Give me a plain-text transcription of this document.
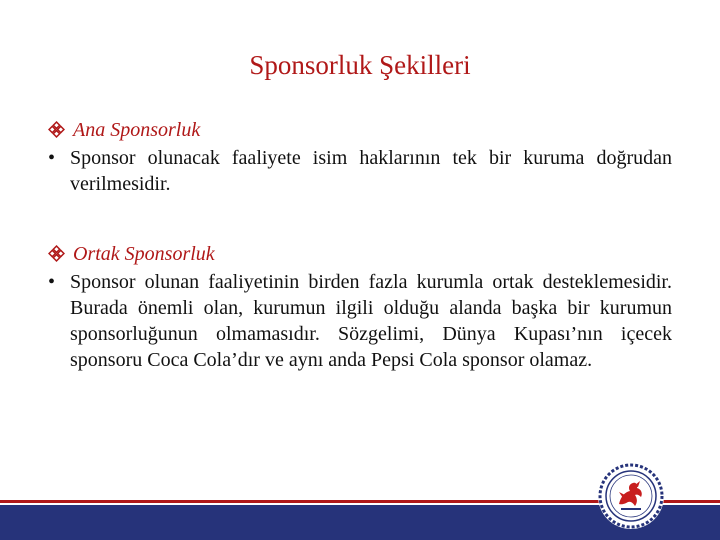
Sponsorluk Şekilleri
Ana Sponsorluk
• Sponsor olunacak faaliyete isim haklarının tek bir kuruma doğrudan verilmesidir.
Ortak Sponsorluk
• Sponsor olunan faaliyetinin birden fazla kurumla ortak desteklemesidir. Burada önemli olan, kurumun ilgili olduğu alanda başka bir kurumun sponsorluğunun olmamasıdır. Sözgelimi, Dünya Kupası’nın içecek sponsoru Coca Cola’dır ve aynı anda Pepsi Cola sponsor olamaz.
